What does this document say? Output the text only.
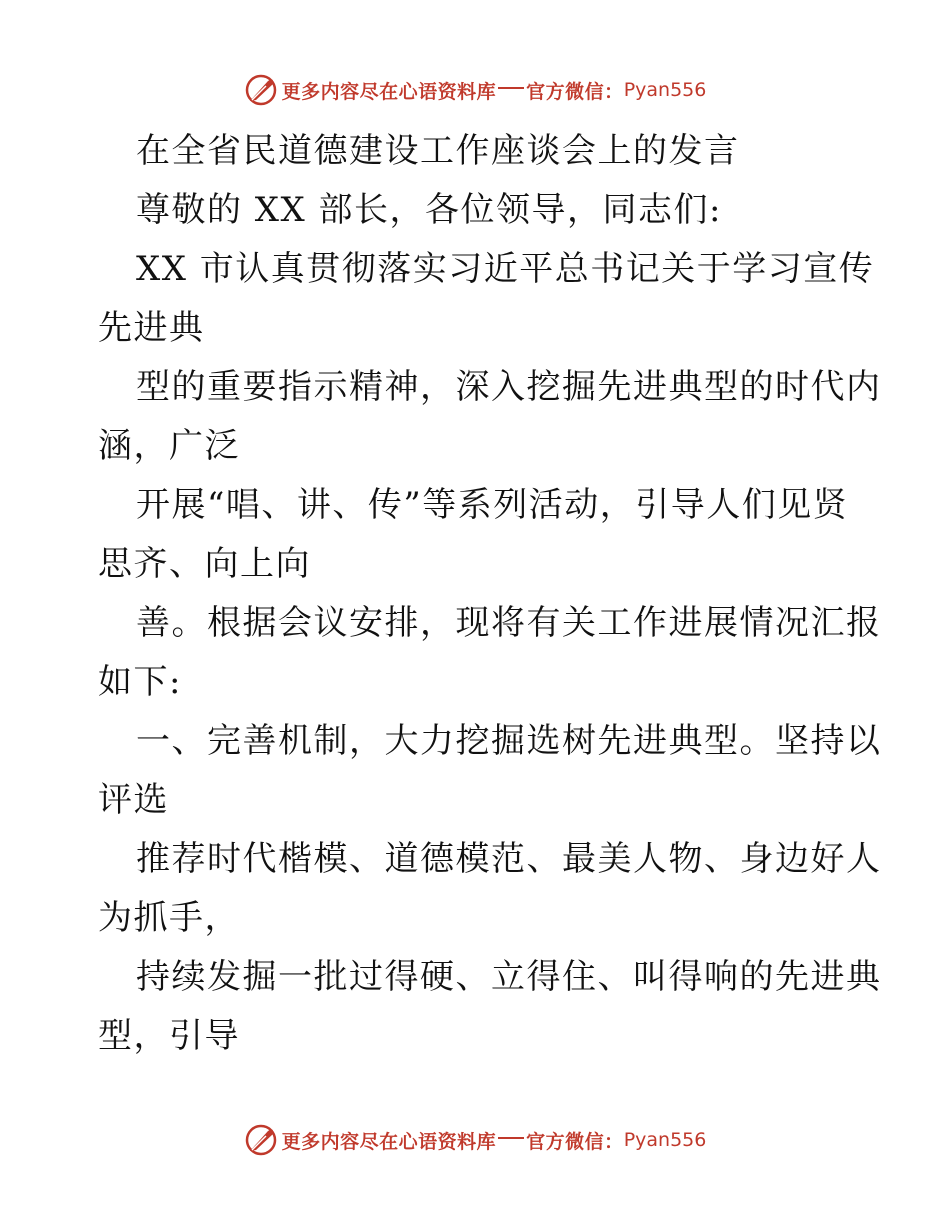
更多内容尽在心语资料库 官方微信： Pyan556
在全省民道德建设工作座谈会上的发言
尊敬的 XX 部长，各位领导，同志们:
XX 市认真贯彻落实习近平总书记关于学习宣传
先进典
型的重要指示精神，深入挖掘先进典型的时代内
涵，广泛
开展“唱、讲、传”等系列活动，引导人们见贤
思齐、向上向
善。根据会议安排，现将有关工作进展情况汇报
如下:
一、完善机制，大力挖掘选树先进典型。坚持以
评选
推荐时代楷模、道德模范、最美人物、身边好人
为抓手，
持续发掘一批过得硬、立得住、叫得响的先进典
型，引导
更多内容尽在心语资料库 官方微信： Pyan556
